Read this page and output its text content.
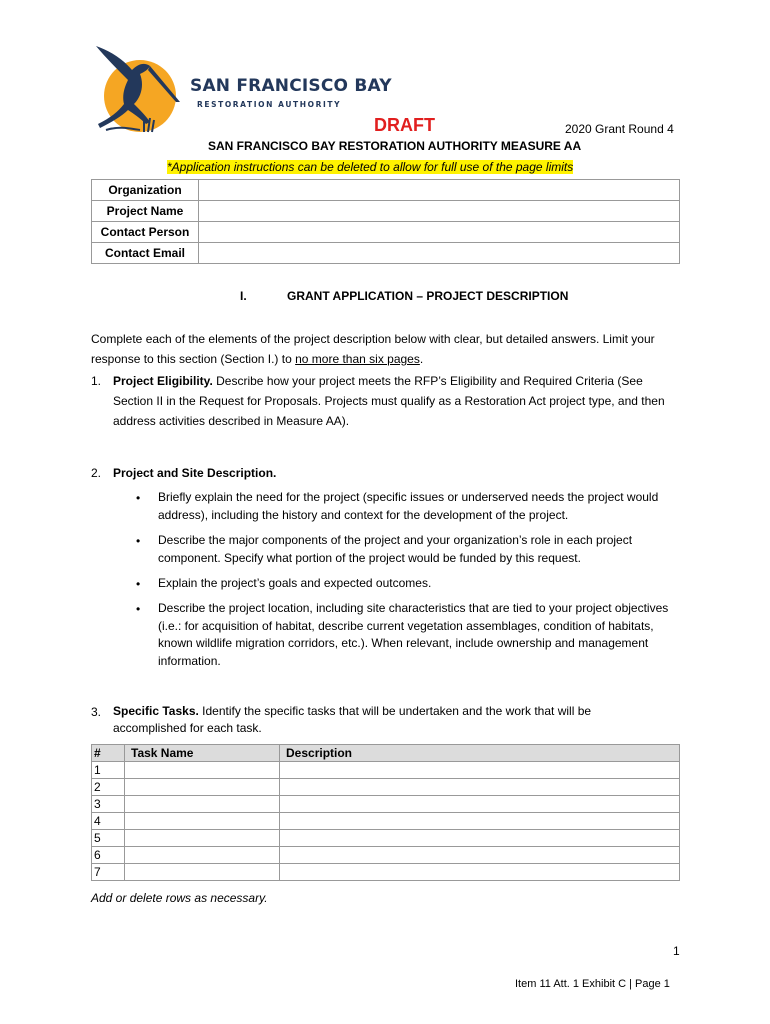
SAN FRANCISCO BAY
RESTORATION AUTHORITY
DRAFT	2020 Grant Round 4
SAN FRANCISCO BAY RESTORATION AUTHORITY MEASURE AA
*Application instructions can be deleted to allow for full use of the page limits
Organization	
Project Name	
Contact Person	
Contact Email	
I.	GRANT APPLICATION – PROJECT DESCRIPTION
Complete each of the elements of the project description below with clear, but detailed answers. Limit your response to this section (Section I.) to no more than six pages.
1. Project Eligibility. Describe how your project meets the RFP’s Eligibility and Required Criteria (See Section II in the Request for Proposals. Projects must qualify as a Restoration Act project type, and then address activities described in Measure AA).
2. Project and Site Description.
• Briefly explain the need for the project (specific issues or underserved needs the project would address), including the history and context for the development of the project.
• Describe the major components of the project and your organization’s role in each project component. Specify what portion of the project would be funded by this request.
• Explain the project’s goals and expected outcomes.
• Describe the project location, including site characteristics that are tied to your project objectives (i.e.: for acquisition of habitat, describe current vegetation assemblages, condition of habitats, known wildlife migration corridors, etc.). When relevant, include ownership and management information.
3. Specific Tasks. Identify the specific tasks that will be undertaken and the work that will be accomplished for each task.
#	Task Name	Description
1		
2		
3		
4		
5		
6		
7		
Add or delete rows as necessary.
1
Item 11 Att. 1 Exhibit C | Page 1
